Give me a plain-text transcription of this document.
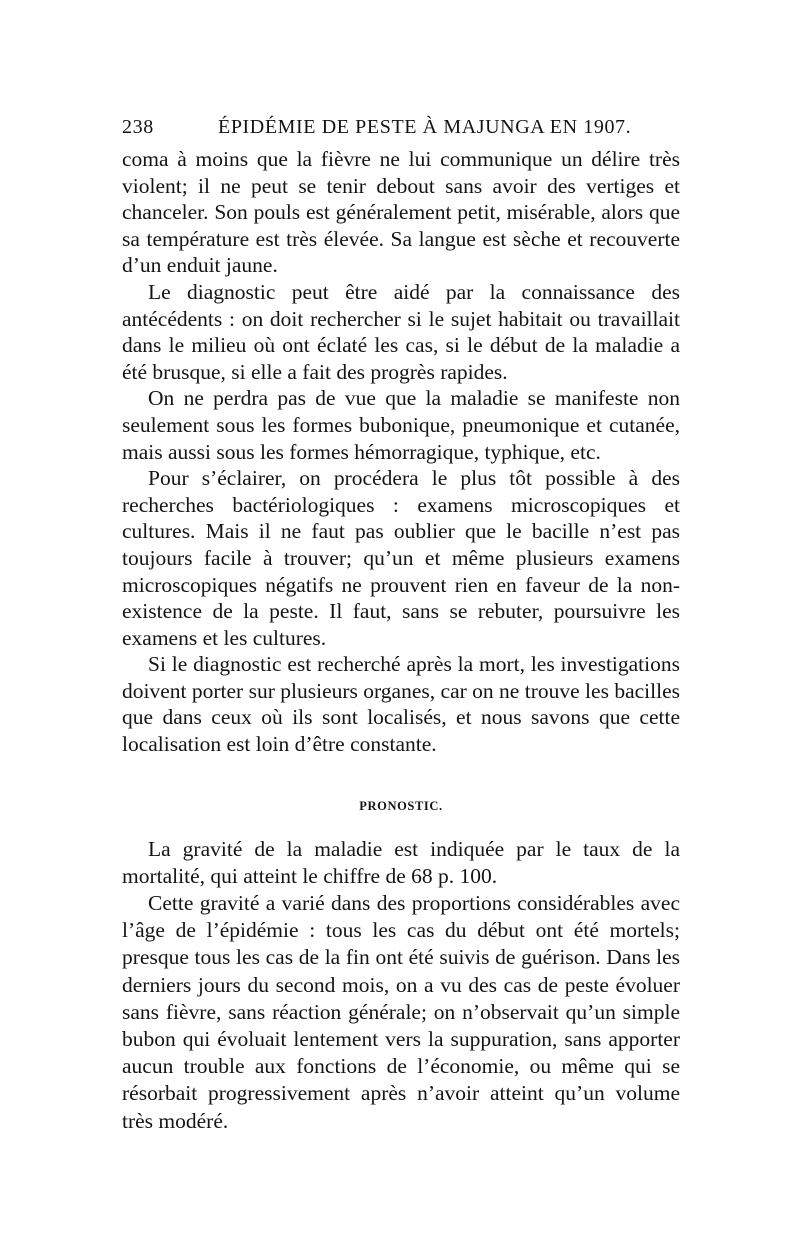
238	ÉPIDÉMIE DE PESTE À MAJUNGA EN 1907.

coma à moins que la fièvre ne lui communique un délire très violent; il ne peut se tenir debout sans avoir des vertiges et chanceler. Son pouls est généralement petit, misérable, alors que sa température est très élevée. Sa langue est sèche et recouverte d’un enduit jaune.

Le diagnostic peut être aidé par la connaissance des antécédents : on doit rechercher si le sujet habitait ou travaillait dans le milieu où ont éclaté les cas, si le début de la maladie a été brusque, si elle a fait des progrès rapides.

On ne perdra pas de vue que la maladie se manifeste non seulement sous les formes bubonique, pneumonique et cutanée, mais aussi sous les formes hémorragique, typhique, etc.

Pour s’éclairer, on procédera le plus tôt possible à des recherches bactériologiques : examens microscopiques et cultures. Mais il ne faut pas oublier que le bacille n’est pas toujours facile à trouver; qu’un et même plusieurs examens microscopiques négatifs ne prouvent rien en faveur de la non-existence de la peste. Il faut, sans se rebuter, poursuivre les examens et les cultures.

Si le diagnostic est recherché après la mort, les investigations doivent porter sur plusieurs organes, car on ne trouve les bacilles que dans ceux où ils sont localisés, et nous savons que cette localisation est loin d’être constante.

PRONOSTIC.

La gravité de la maladie est indiquée par le taux de la mortalité, qui atteint le chiffre de 68 p. 100.

Cette gravité a varié dans des proportions considérables avec l’âge de l’épidémie : tous les cas du début ont été mortels; presque tous les cas de la fin ont été suivis de guérison. Dans les derniers jours du second mois, on a vu des cas de peste évoluer sans fièvre, sans réaction générale; on n’observait qu’un simple bubon qui évoluait lentement vers la suppuration, sans apporter aucun trouble aux fonctions de l’économie, ou même qui se résorbait progressivement après n’avoir atteint qu’un volume très modéré.
